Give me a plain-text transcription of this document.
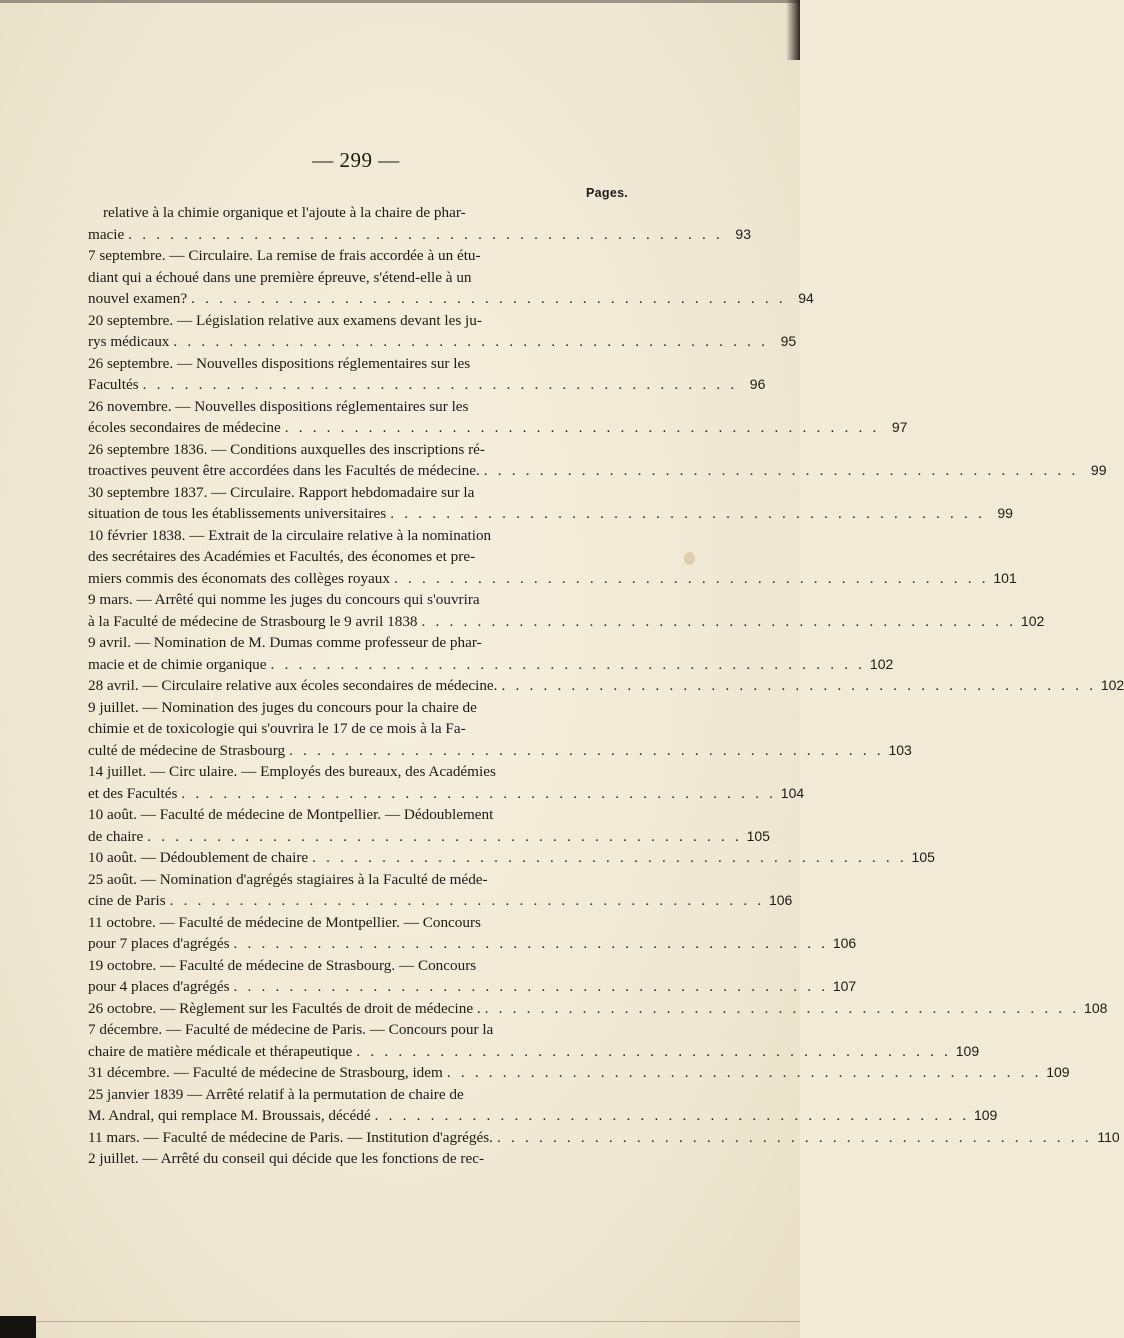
— 299 —
Pages.
relative à la chimie organique et l'ajoute à la chaire de phar-
macie . . . . . . . . . . . . . . . . . . . . . . . . . . . . . . . . . . . . . . . . . . . 93
7 septembre. — Circulaire. La remise de frais accordée à un étu-
diant qui a échoué dans une première épreuve, s'étend-elle à un
nouvel examen? . . . . . . . . . . . . . . . . . . . . . . . . . . . . . . . . . . . . . . . . . . . 94
20 septembre. — Législation relative aux examens devant les ju-
rys médicaux . . . . . . . . . . . . . . . . . . . . . . . . . . . . . . . . . . . . . . . . . . . 95
26 septembre. — Nouvelles dispositions réglementaires sur les
Facultés . . . . . . . . . . . . . . . . . . . . . . . . . . . . . . . . . . . . . . . . . . . 96
26 novembre. — Nouvelles dispositions réglementaires sur les
écoles secondaires de médecine . . . . . . . . . . . . . . . . . . . . . . . . . . . . . . . . . . . . . . . . . . . 97
26 septembre 1836. — Conditions auxquelles des inscriptions ré-
troactives peuvent être accordées dans les Facultés de médecine. . . . . . . . . . . . . . . . . . . . . . . . . . . . . . . . . . . . . . . . . . . . 99
30 septembre 1837. — Circulaire. Rapport hebdomadaire sur la
situation de tous les établissements universitaires . . . . . . . . . . . . . . . . . . . . . . . . . . . . . . . . . . . . . . . . . . . 99
10 février 1838. — Extrait de la circulaire relative à la nomination
des secrétaires des Académies et Facultés, des économes et pre-
miers commis des économats des collèges royaux . . . . . . . . . . . . . . . . . . . . . . . . . . . . . . . . . . . . . . . . . . . 101
9 mars. — Arrêté qui nomme les juges du concours qui s'ouvrira
à la Faculté de médecine de Strasbourg le 9 avril 1838 . . . . . . . . . . . . . . . . . . . . . . . . . . . . . . . . . . . . . . . . . . . 102
9 avril. — Nomination de M. Dumas comme professeur de phar-
macie et de chimie organique . . . . . . . . . . . . . . . . . . . . . . . . . . . . . . . . . . . . . . . . . . . 102
28 avril. — Circulaire relative aux écoles secondaires de médecine. . . . . . . . . . . . . . . . . . . . . . . . . . . . . . . . . . . . . . . . . . . . 102
9 juillet. — Nomination des juges du concours pour la chaire de
chimie et de toxicologie qui s'ouvrira le 17 de ce mois à la Fa-
culté de médecine de Strasbourg . . . . . . . . . . . . . . . . . . . . . . . . . . . . . . . . . . . . . . . . . . . 103
14 juillet. — Circ ulaire. — Employés des bureaux, des Académies
et des Facultés . . . . . . . . . . . . . . . . . . . . . . . . . . . . . . . . . . . . . . . . . . . 104
10 août. — Faculté de médecine de Montpellier. — Dédoublement
de chaire . . . . . . . . . . . . . . . . . . . . . . . . . . . . . . . . . . . . . . . . . . . 105
10 août. — Dédoublement de chaire . . . . . . . . . . . . . . . . . . . . . . . . . . . . . . . . . . . . . . . . . . . 105
25 août. — Nomination d'agrégés stagiaires à la Faculté de méde-
cine de Paris . . . . . . . . . . . . . . . . . . . . . . . . . . . . . . . . . . . . . . . . . . . 106
11 octobre. — Faculté de médecine de Montpellier. — Concours
pour 7 places d'agrégés . . . . . . . . . . . . . . . . . . . . . . . . . . . . . . . . . . . . . . . . . . . 106
19 octobre. — Faculté de médecine de Strasbourg. — Concours
pour 4 places d'agrégés . . . . . . . . . . . . . . . . . . . . . . . . . . . . . . . . . . . . . . . . . . . 107
26 octobre. — Règlement sur les Facultés de droit de médecine . . . . . . . . . . . . . . . . . . . . . . . . . . . . . . . . . . . . . . . . . . . . 108
7 décembre. — Faculté de médecine de Paris. — Concours pour la
chaire de matière médicale et thérapeutique . . . . . . . . . . . . . . . . . . . . . . . . . . . . . . . . . . . . . . . . . . . 109
31 décembre. — Faculté de médecine de Strasbourg, idem . . . . . . . . . . . . . . . . . . . . . . . . . . . . . . . . . . . . . . . . . . . 109
25 janvier 1839 — Arrêté relatif à la permutation de chaire de
M. Andral, qui remplace M. Broussais, décédé . . . . . . . . . . . . . . . . . . . . . . . . . . . . . . . . . . . . . . . . . . . 109
11 mars. — Faculté de médecine de Paris. — Institution d'agrégés. . . . . . . . . . . . . . . . . . . . . . . . . . . . . . . . . . . . . . . . . . . . 110
2 juillet. — Arrêté du conseil qui décide que les fonctions de rec-
